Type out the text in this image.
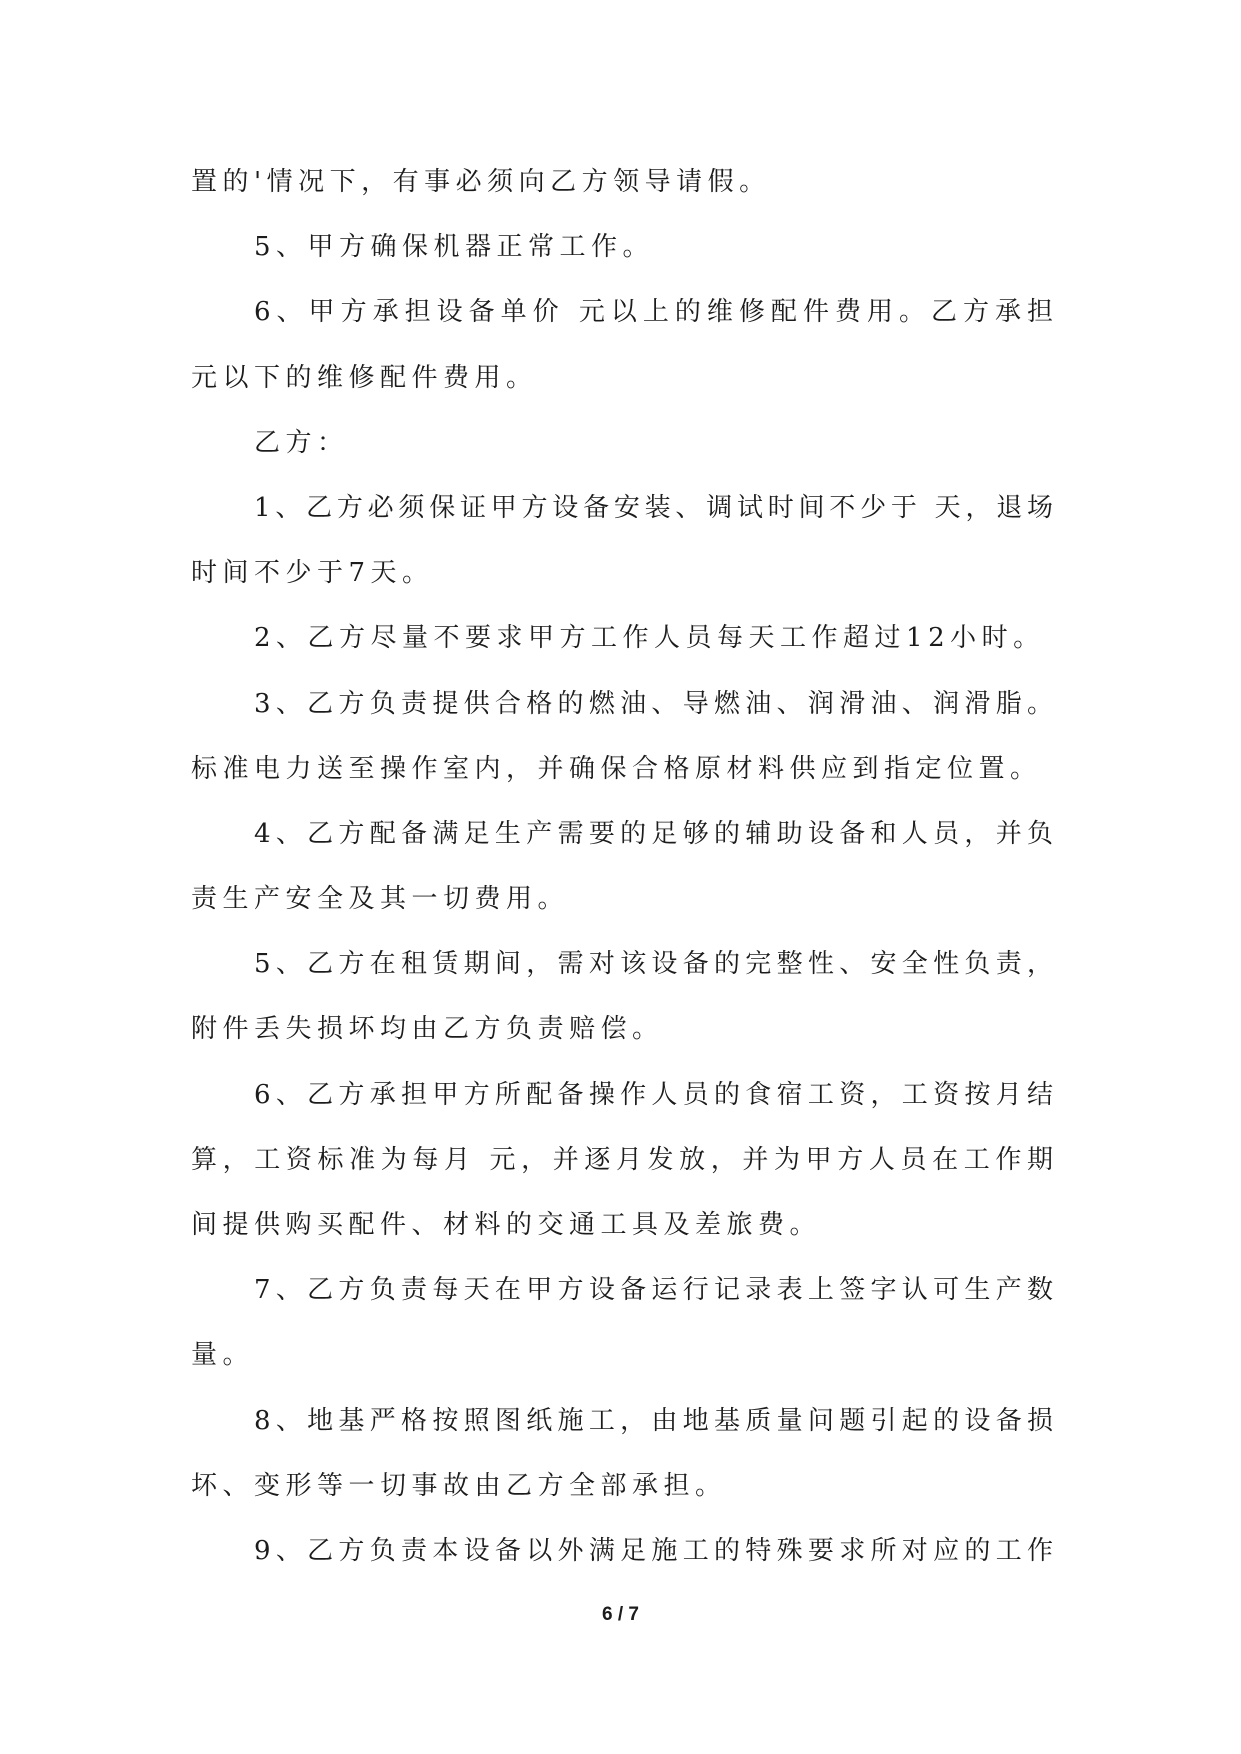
置的'情况下，有事必须向乙方领导请假。
5、甲方确保机器正常工作。
6、甲方承担设备单价 元以上的维修配件费用。乙方承担
元以下的维修配件费用。
乙方：
1、乙方必须保证甲方设备安装、调试时间不少于 天，退场
时间不少于7天。
2、乙方尽量不要求甲方工作人员每天工作超过12小时。
3、乙方负责提供合格的燃油、导燃油、润滑油、润滑脂。
标准电力送至操作室内，并确保合格原材料供应到指定位置。
4、乙方配备满足生产需要的足够的辅助设备和人员，并负
责生产安全及其一切费用。
5、乙方在租赁期间，需对该设备的完整性、安全性负责，
附件丢失损坏均由乙方负责赔偿。
6、乙方承担甲方所配备操作人员的食宿工资，工资按月结
算，工资标准为每月 元，并逐月发放，并为甲方人员在工作期
间提供购买配件、材料的交通工具及差旅费。
7、乙方负责每天在甲方设备运行记录表上签字认可生产数
量。
8、地基严格按照图纸施工，由地基质量问题引起的设备损
坏、变形等一切事故由乙方全部承担。
9、乙方负责本设备以外满足施工的特殊要求所对应的工作
6 / 7
